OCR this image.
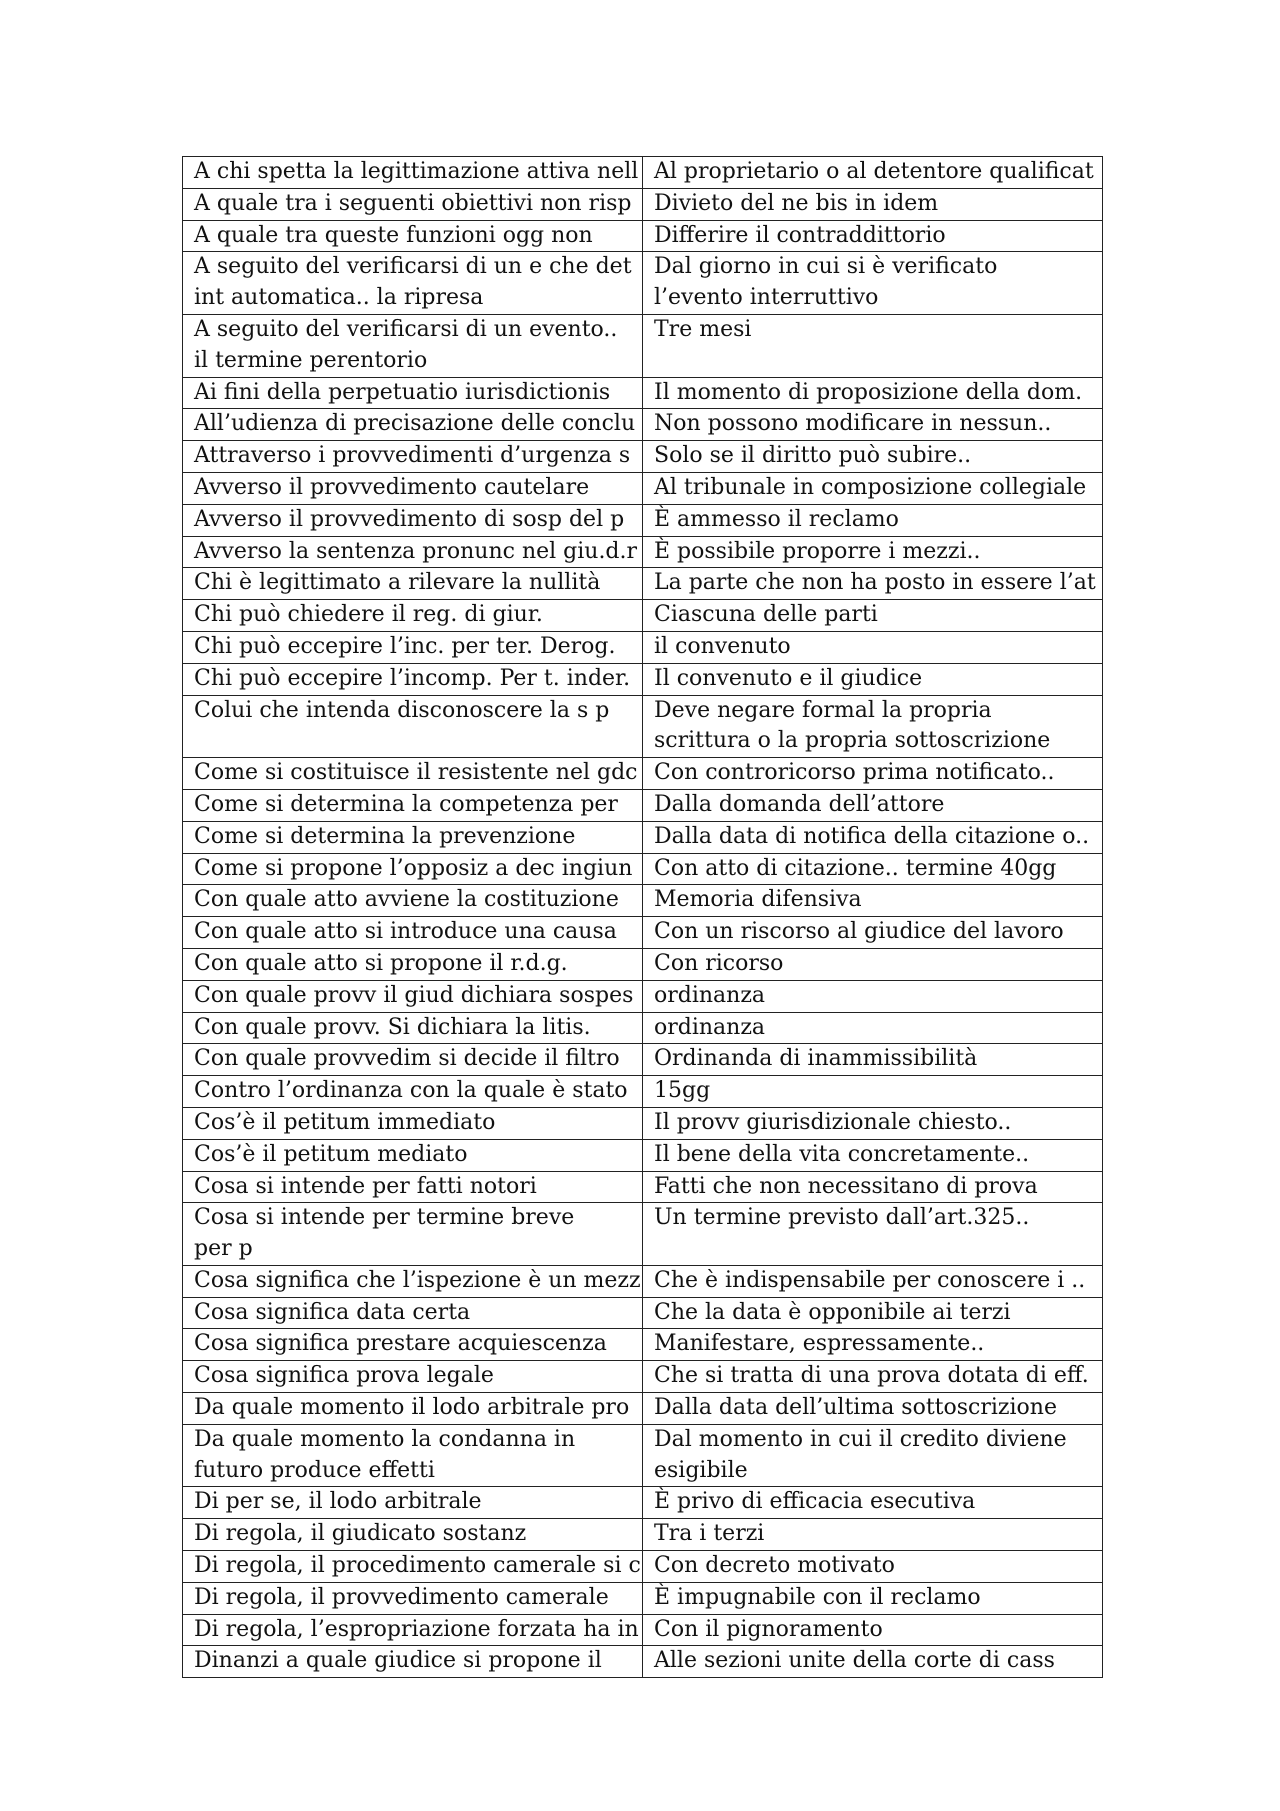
A chi spetta la legittimazione attiva nell	Al proprietario o al detentore qualificat
A quale tra i seguenti obiettivi non risp	Divieto del ne bis in idem
A quale tra queste funzioni ogg non	Differire il contraddittorio
A seguito del verificarsi di un e che det int automatica.. la ripresa	Dal giorno in cui si è verificato l’evento interruttivo
A seguito del verificarsi di un evento.. il termine perentorio	Tre mesi
Ai fini della perpetuatio iurisdictionis	Il momento di proposizione della dom.
All’udienza di precisazione delle conclu	Non possono modificare in nessun..
Attraverso i provvedimenti d’urgenza s	Solo se il diritto può subire..
Avverso il provvedimento cautelare	Al tribunale in composizione collegiale
Avverso il provvedimento di sosp del p	È ammesso il reclamo
Avverso la sentenza pronunc nel giu.d.r	È possibile proporre i mezzi..
Chi è legittimato a rilevare la nullità	La parte che non ha posto in essere l’at
Chi può chiedere il reg. di giur.	Ciascuna delle parti
Chi può eccepire l’inc. per ter. Derog.	il convenuto
Chi può eccepire l’incomp. Per t. inder.	Il convenuto e il giudice
Colui che intenda disconoscere la s p	Deve negare formal la propria scrittura o la propria sottoscrizione
Come si costituisce il resistente nel gdc	Con controricorso prima notificato..
Come si determina la competenza per	Dalla domanda dell’attore
Come si determina la prevenzione	Dalla data di notifica della citazione o..
Come si propone l’opposiz a dec ingiun	Con atto di citazione.. termine 40gg
Con quale atto avviene la costituzione	Memoria difensiva
Con quale atto si introduce una causa	Con un riscorso al giudice del lavoro
Con quale atto si propone il r.d.g.	Con ricorso
Con quale provv il giud dichiara sospes	ordinanza
Con quale provv. Si dichiara la litis.	ordinanza
Con quale provvedim si decide il filtro	Ordinanda di inammissibilità
Contro l’ordinanza con la quale è stato	15gg
Cos’è il petitum immediato	Il provv giurisdizionale chiesto..
Cos’è il petitum mediato	Il bene della vita concretamente..
Cosa si intende per fatti notori	Fatti che non necessitano di prova
Cosa si intende per termine breve per p	Un termine previsto dall’art.325..
Cosa significa che l’ispezione è un mezz	Che è indispensabile per conoscere i ..
Cosa significa data certa	Che la data è opponibile ai terzi
Cosa significa prestare acquiescenza	Manifestare, espressamente..
Cosa significa prova legale	Che si tratta di una prova dotata di eff.
Da quale momento il lodo arbitrale pro	Dalla data dell’ultima sottoscrizione
Da quale momento la condanna in futuro produce effetti	Dal momento in cui il credito diviene esigibile
Di per se, il lodo arbitrale	È privo di efficacia esecutiva
Di regola, il giudicato sostanz	Tra i terzi
Di regola, il procedimento camerale si c	Con decreto motivato
Di regola, il provvedimento camerale	È impugnabile con il reclamo
Di regola, l’espropriazione forzata ha in	Con il pignoramento
Dinanzi a quale giudice si propone il	Alle sezioni unite della corte di cass
